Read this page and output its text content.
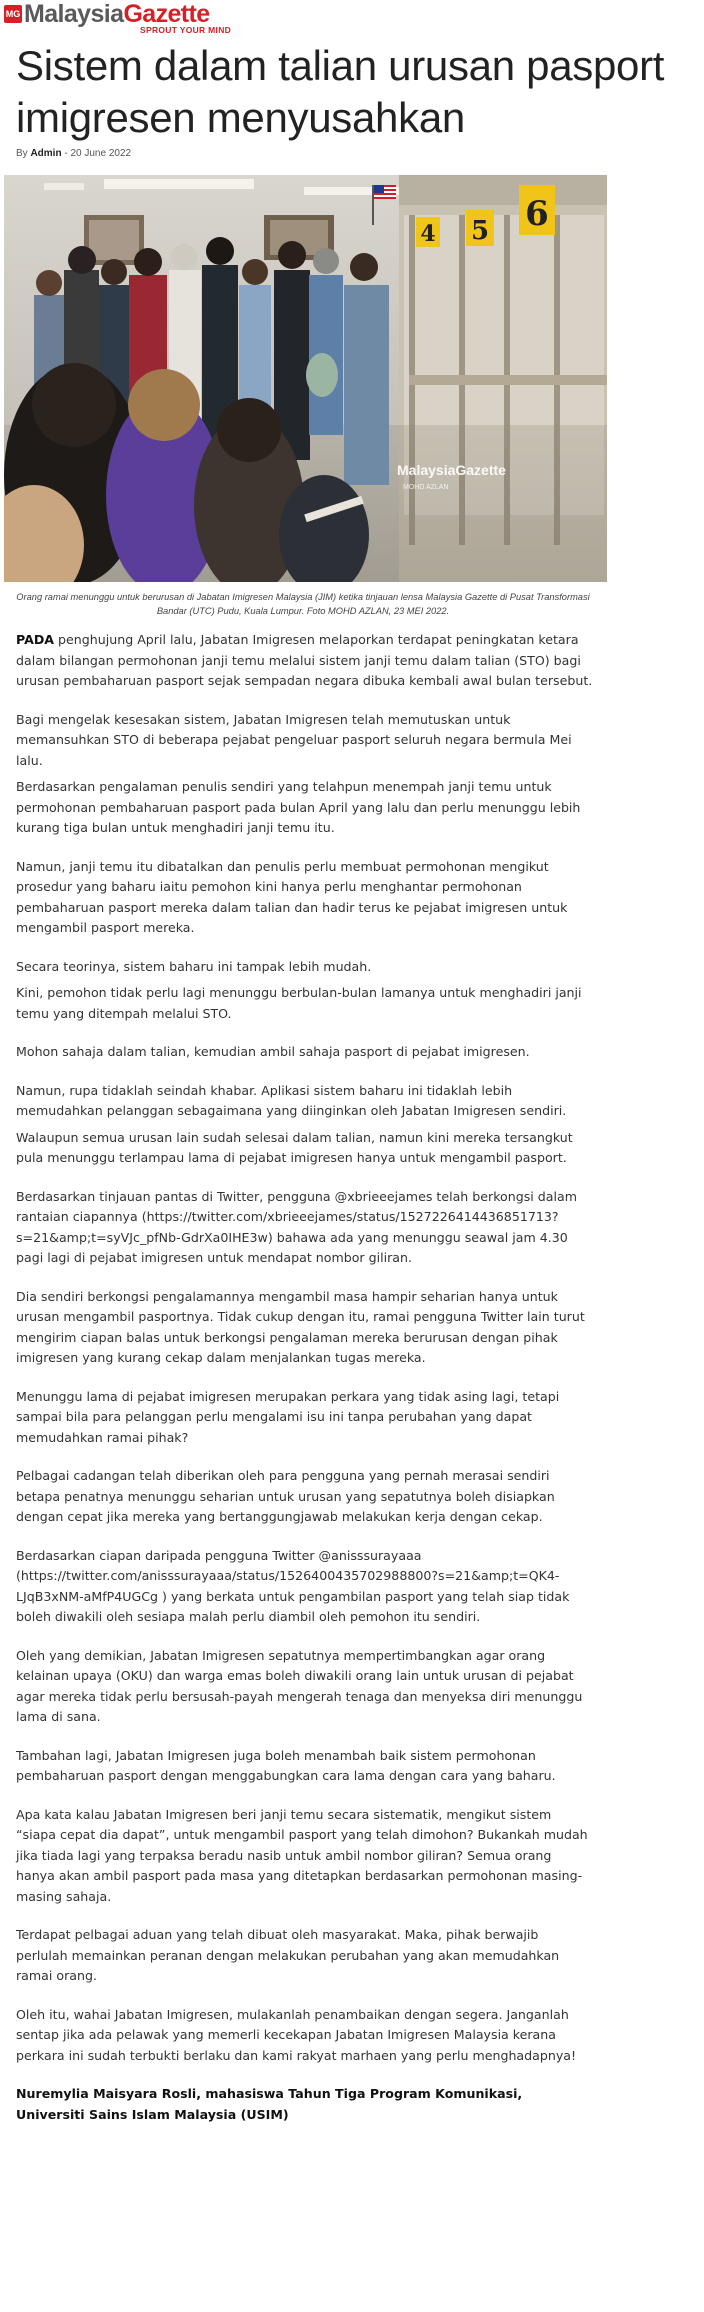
MG MalaysiaGazette
SPROUT YOUR MIND
Sistem dalam talian urusan pasport imigresen menyusahkan
By Admin - 20 June 2022
4 5 6
MalaysiaGazette
MOHD AZLAN
Orang ramai menunggu untuk berurusan di Jabatan Imigresen Malaysia (JIM) ketika tinjauan lensa Malaysia Gazette di Pusat Transformasi Bandar (UTC) Pudu, Kuala Lumpur. Foto MOHD AZLAN, 23 MEI 2022.

PADA penghujung April lalu, Jabatan Imigresen melaporkan terdapat peningkatan ketara dalam bilangan permohonan janji temu melalui sistem janji temu dalam talian (STO) bagi urusan pembaharuan pasport sejak sempadan negara dibuka kembali awal bulan tersebut.

Bagi mengelak kesesakan sistem, Jabatan Imigresen telah memutuskan untuk memansuhkan STO di beberapa pejabat pengeluar pasport seluruh negara bermula Mei lalu.

Berdasarkan pengalaman penulis sendiri yang telahpun menempah janji temu untuk permohonan pembaharuan pasport pada bulan April yang lalu dan perlu menunggu lebih kurang tiga bulan untuk menghadiri janji temu itu.

Namun, janji temu itu dibatalkan dan penulis perlu membuat permohonan mengikut prosedur yang baharu iaitu pemohon kini hanya perlu menghantar permohonan pembaharuan pasport mereka dalam talian dan hadir terus ke pejabat imigresen untuk mengambil pasport mereka.

Secara teorinya, sistem baharu ini tampak lebih mudah.

Kini, pemohon tidak perlu lagi menunggu berbulan-bulan lamanya untuk menghadiri janji temu yang ditempah melalui STO.

Mohon sahaja dalam talian, kemudian ambil sahaja pasport di pejabat imigresen.

Namun, rupa tidaklah seindah khabar. Aplikasi sistem baharu ini tidaklah lebih memudahkan pelanggan sebagaimana yang diinginkan oleh Jabatan Imigresen sendiri.

Walaupun semua urusan lain sudah selesai dalam talian, namun kini mereka tersangkut pula menunggu terlampau lama di pejabat imigresen hanya untuk mengambil pasport.

Berdasarkan tinjauan pantas di Twitter, pengguna @xbrieeejames telah berkongsi dalam rantaian ciapannya (https://twitter.com/xbrieeejames/status/1527226414436851713?s=21&amp;t=syVJc_pfNb-GdrXa0IHE3w) bahawa ada yang menunggu seawal jam 4.30 pagi lagi di pejabat imigresen untuk mendapat nombor giliran.

Dia sendiri berkongsi pengalamannya mengambil masa hampir seharian hanya untuk urusan mengambil pasportnya. Tidak cukup dengan itu, ramai pengguna Twitter lain turut mengirim ciapan balas untuk berkongsi pengalaman mereka berurusan dengan pihak imigresen yang kurang cekap dalam menjalankan tugas mereka.

Menunggu lama di pejabat imigresen merupakan perkara yang tidak asing lagi, tetapi sampai bila para pelanggan perlu mengalami isu ini tanpa perubahan yang dapat memudahkan ramai pihak?

Pelbagai cadangan telah diberikan oleh para pengguna yang pernah merasai sendiri betapa penatnya menunggu seharian untuk urusan yang sepatutnya boleh disiapkan dengan cepat jika mereka yang bertanggungjawab melakukan kerja dengan cekap.

Berdasarkan ciapan daripada pengguna Twitter @anisssurayaaa (https://twitter.com/anisssurayaaa/status/1526400435702988800?s=21&amp;t=QK4-LJqB3xNM-aMfP4UGCg ) yang berkatа untuk pengambilan pasport yang telah siap tidak boleh diwakili oleh sesiapa malah perlu diambil oleh pemohon itu sendiri.

Oleh yang demikian, Jabatan Imigresen sepatutnya mempertimbangkan agar orang kelainan upaya (OKU) dan warga emas boleh diwakili orang lain untuk urusan di pejabat agar mereka tidak perlu bersusah-payah mengerah tenaga dan menyeksa diri menunggu lama di sana.

Tambahan lagi, Jabatan Imigresen juga boleh menambah baik sistem permohonan pembaharuan pasport dengan menggabungkan cara lama dengan cara yang baharu.

Apa kata kalau Jabatan Imigresen beri janji temu secara sistematik, mengikut sistem “siapa cepat dia dapat”, untuk mengambil pasport yang telah dimohon? Bukankah mudah jika tiada lagi yang terpaksa beradu nasib untuk ambil nombor giliran? Semua orang hanya akan ambil pasport pada masa yang ditetapkan berdasarkan permohonan masing-masing sahaja.

Terdapat pelbagai aduan yang telah dibuat oleh masyarakat. Maka, pihak berwajib perlulah memainkan peranan dengan melakukan perubahan yang akan memudahkan ramai orang.

Oleh itu, wahai Jabatan Imigresen, mulakanlah penambaikan dengan segera. Janganlah sentap jika ada pelawak yang memerli kecekapan Jabatan Imigresen Malaysia kerana perkara ini sudah terbukti berlaku dan kami rakyat marhaen yang perlu menghadapnya!

Nuremylia Maisyara Rosli, mahasiswa Tahun Tiga Program Komunikasi, Universiti Sains Islam Malaysia (USIM)
